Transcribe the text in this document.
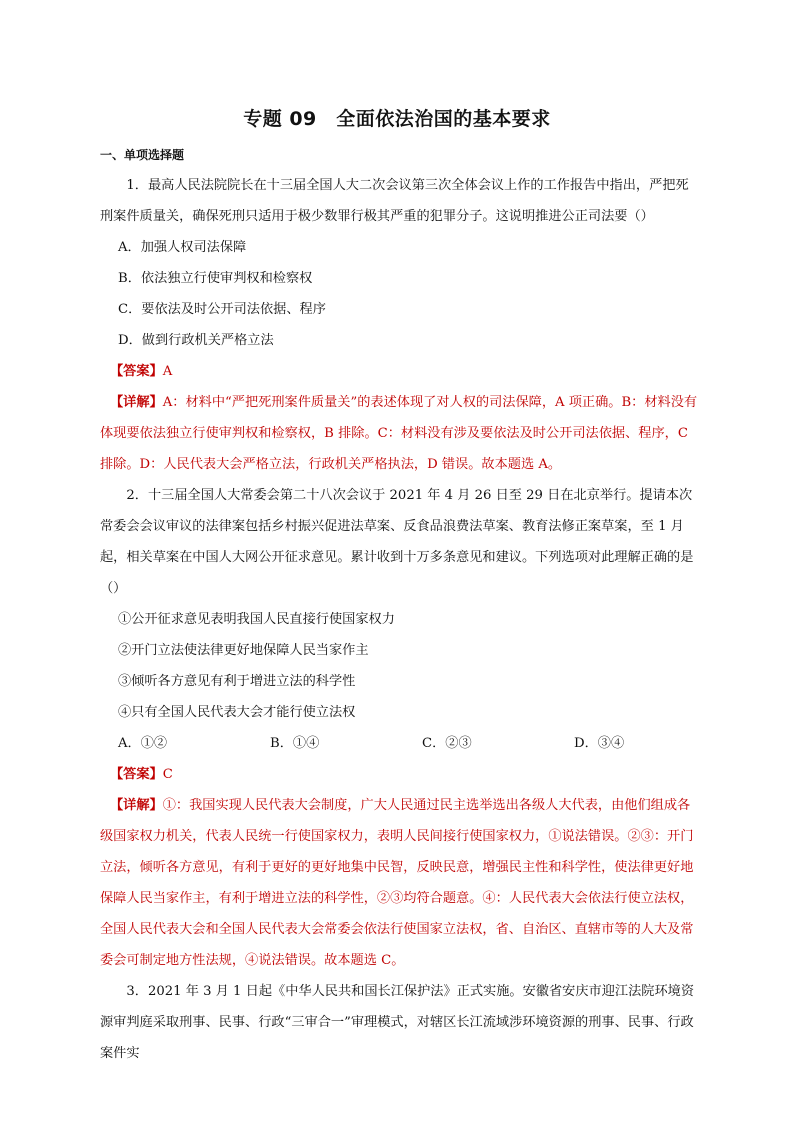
专题 09　全面依法治国的基本要求
一、单项选择题

1．最高人民法院院长在十三届全国人大二次会议第三次全体会议上作的工作报告中指出，严把死刑案件质量关，确保死刑只适用于极少数罪行极其严重的犯罪分子。这说明推进公正司法要（）

A．加强人权司法保障

B．依法独立行使审判权和检察权

C．要依法及时公开司法依据、程序

D．做到行政机关严格立法

【答案】A

【详解】A：材料中“严把死刑案件质量关”的表述体现了对人权的司法保障，A 项正确。B：材料没有体现要依法独立行使审判权和检察权，B 排除。C：材料没有涉及要依法及时公开司法依据、程序，C 排除。D：人民代表大会严格立法，行政机关严格执法，D 错误。故本题选 A。

2．十三届全国人大常委会第二十八次会议于 2021 年 4 月 26 日至 29 日在北京举行。提请本次常委会会议审议的法律案包括乡村振兴促进法草案、反食品浪费法草案、教育法修正案草案，至 1 月起，相关草案在中国人大网公开征求意见。累计收到十万多条意见和建议。下列选项对此理解正确的是（）

①公开征求意见表明我国人民直接行使国家权力

②开门立法使法律更好地保障人民当家作主

③倾听各方意见有利于增进立法的科学性

④只有全国人民代表大会才能行使立法权

A．①②	B．①④	C．②③	D．③④

【答案】C

【详解】①：我国实现人民代表大会制度，广大人民通过民主选举选出各级人大代表，由他们组成各级国家权力机关，代表人民统一行使国家权力，表明人民间接行使国家权力，①说法错误。②③：开门立法，倾听各方意见，有利于更好的更好地集中民智，反映民意，增强民主性和科学性，使法律更好地保障人民当家作主，有利于增进立法的科学性，②③均符合题意。④：人民代表大会依法行使立法权，全国人民代表大会和全国人民代表大会常委会依法行使国家立法权，省、自治区、直辖市等的人大及常委会可制定地方性法规，④说法错误。故本题选 C。

3．2021 年 3 月 1 日起《中华人民共和国长江保护法》正式实施。安徽省安庆市迎江法院环境资源审判庭采取刑事、民事、行政“三审合一”审理模式，对辖区长江流域涉环境资源的刑事、民事、行政案件实
